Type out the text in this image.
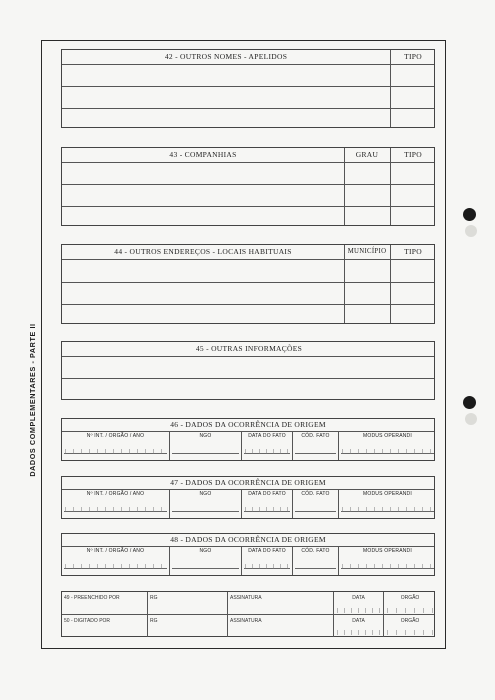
DADOS COMPLEMENTARES - PARTE II
42 - OUTROS NOMES - APELIDOS	TIPO
43 - COMPANHIAS	GRAU	TIPO
44 - OUTROS ENDEREÇOS - LOCAIS HABITUAIS	MUNICÍPIO	TIPO
45 - OUTRAS INFORMAÇÕES
46 - DADOS DA OCORRÊNCIA DE ORIGEM
Nº INT. / ORGÃO / ANO	NGO	DATA DO FATO	CÓD. FATO	MODUS OPERANDI
47 - DADOS DA OCORRÊNCIA DE ORIGEM
Nº INT. / ORGÃO / ANO	NGO	DATA DO FATO	CÓD. FATO	MODUS OPERANDI
48 - DADOS DA OCORRÊNCIA DE ORIGEM
Nº INT. / ORGÃO / ANO	NGO	DATA DO FATO	CÓD. FATO	MODUS OPERANDI
49 - PREENCHIDO POR	RG	ASSINATURA	DATA	ORGÃO
50 - DIGITADO POR	RG	ASSINATURA	DATA	ORGÃO
